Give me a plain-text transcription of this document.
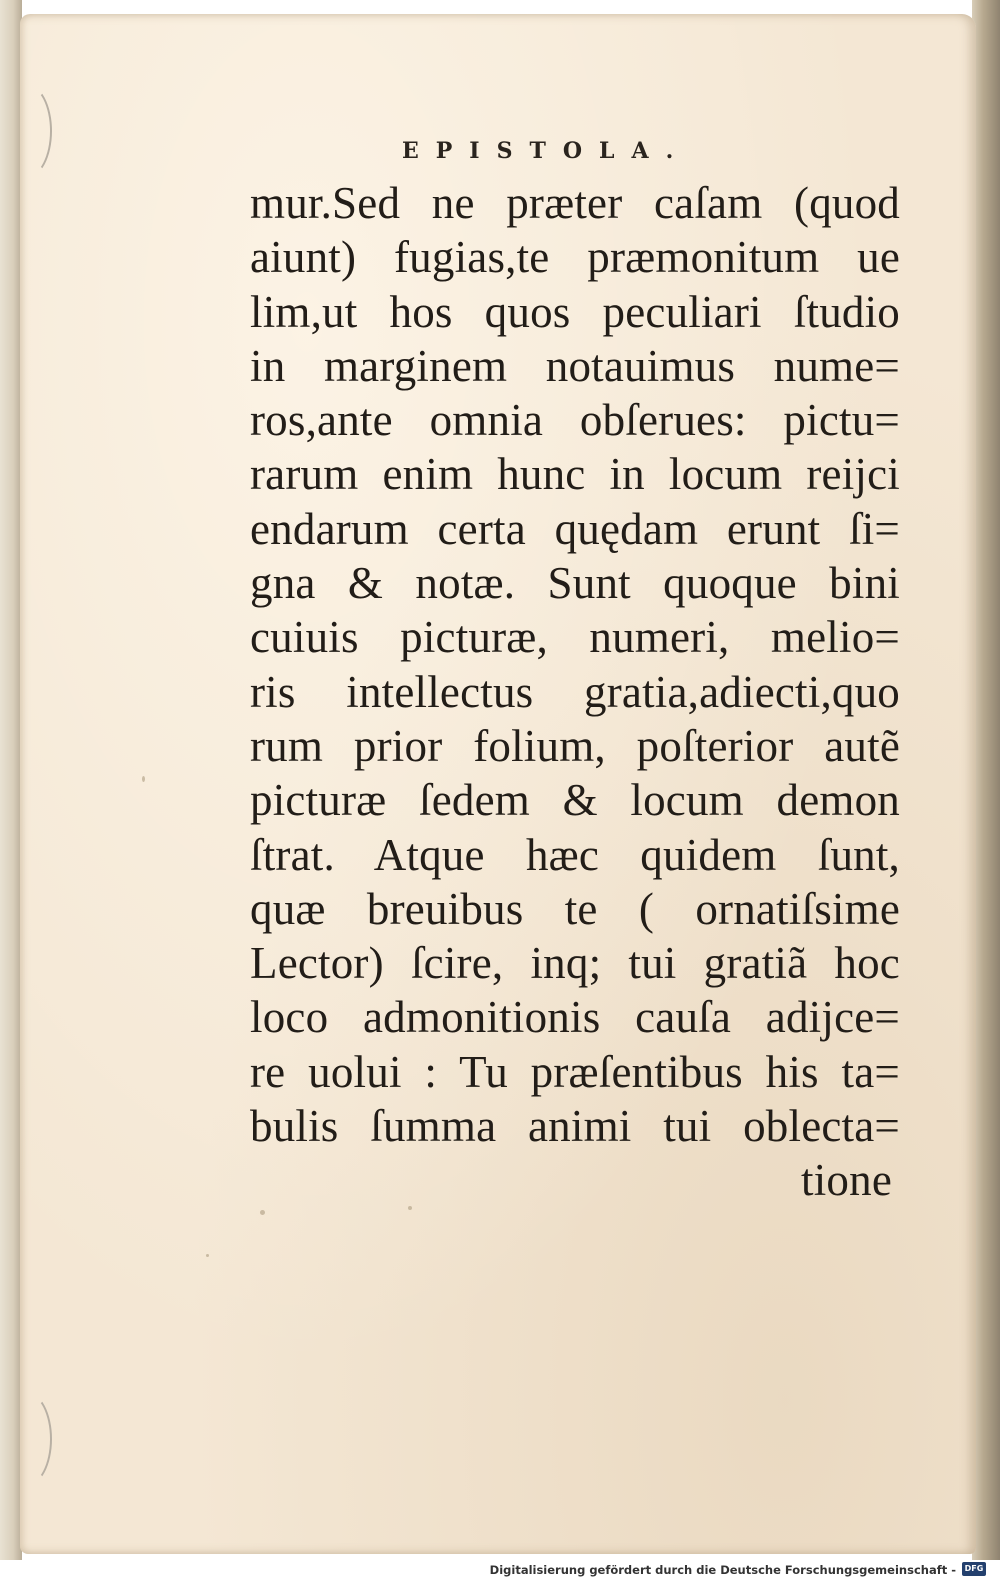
EPISTOLA.
mur.Sed ne præter caſam (quod
aiunt) fugias,te præmonitum ue
lim,ut hos quos peculiari ſtudio
in marginem notauimus nume=
ros,ante omnia obſerues: pictu=
rarum enim hunc in locum reijci
endarum certa quędam erunt ſi=
gna & notæ. Sunt quoque bini
cuiuis picturæ, numeri, melio=
ris intellectus gratia,adiecti,quo
rum prior folium, poſterior autẽ
picturæ ſedem & locum demon
ſtrat. Atque hæc quidem ſunt,
quæ breuibus te ( ornatiſsime
Lector) ſcire, inq; tui gratiã hoc
loco admonitionis cauſa adijce=
re uolui : Tu præſentibus his ta=
bulis ſumma animi tui oblecta=
tione
Digitalisierung gefördert durch die Deutsche Forschungsgemeinschaft -	DFG
